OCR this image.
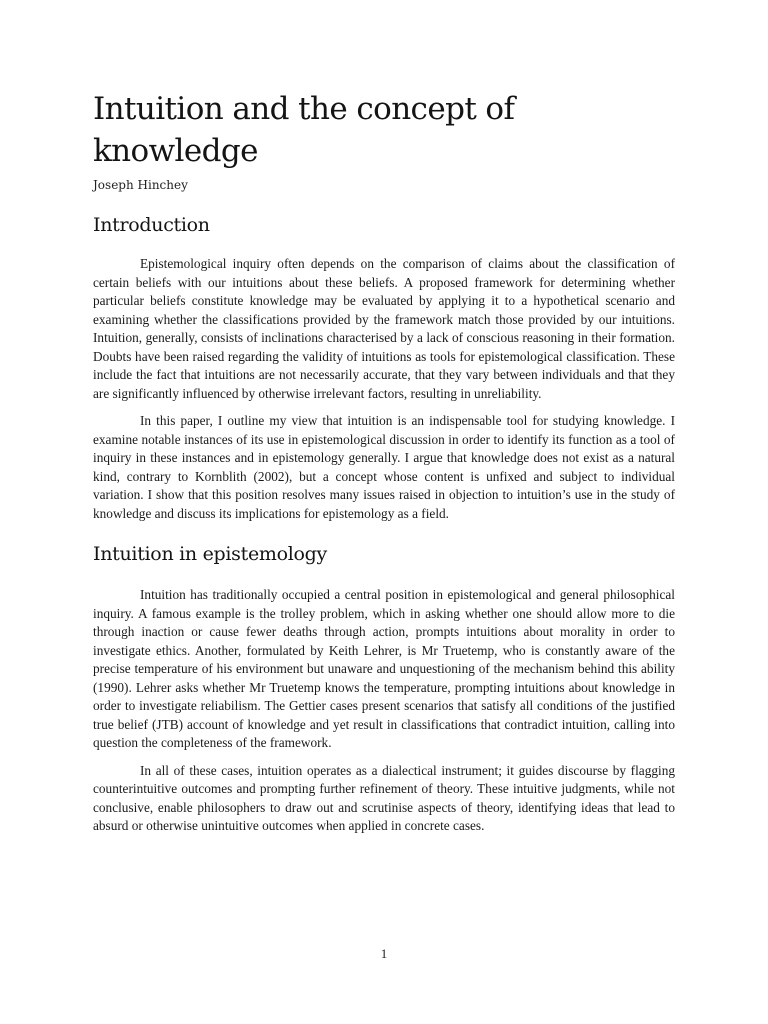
Intuition and the concept of knowledge

Joseph Hinchey

Introduction

Epistemological inquiry often depends on the comparison of claims about the classification of certain beliefs with our intuitions about these beliefs. A proposed framework for determining whether particular beliefs constitute knowledge may be evaluated by applying it to a hypothetical scenario and examining whether the classifications provided by the framework match those provided by our intuitions. Intuition, generally, consists of inclinations characterised by a lack of conscious reasoning in their formation. Doubts have been raised regarding the validity of intuitions as tools for epistemological classification. These include the fact that intuitions are not necessarily accurate, that they vary between individuals and that they are significantly influenced by otherwise irrelevant factors, resulting in unreliability.

In this paper, I outline my view that intuition is an indispensable tool for studying knowledge. I examine notable instances of its use in epistemological discussion in order to identify its function as a tool of inquiry in these instances and in epistemology generally. I argue that knowledge does not exist as a natural kind, contrary to Kornblith (2002), but a concept whose content is unfixed and subject to individual variation. I show that this position resolves many issues raised in objection to intuition’s use in the study of knowledge and discuss its implications for epistemology as a field.

Intuition in epistemology

Intuition has traditionally occupied a central position in epistemological and general philosophical inquiry. A famous example is the trolley problem, which in asking whether one should allow more to die through inaction or cause fewer deaths through action, prompts intuitions about morality in order to investigate ethics. Another, formulated by Keith Lehrer, is Mr Truetemp, who is constantly aware of the precise temperature of his environment but unaware and unquestioning of the mechanism behind this ability (1990). Lehrer asks whether Mr Truetemp knows the temperature, prompting intuitions about knowledge in order to investigate reliabilism. The Gettier cases present scenarios that satisfy all conditions of the justified true belief (JTB) account of knowledge and yet result in classifications that contradict intuition, calling into question the completeness of the framework.

In all of these cases, intuition operates as a dialectical instrument; it guides discourse by flagging counterintuitive outcomes and prompting further refinement of theory. These intuitive judgments, while not conclusive, enable philosophers to draw out and scrutinise aspects of theory, identifying ideas that lead to absurd or otherwise unintuitive outcomes when applied in concrete cases.

1
